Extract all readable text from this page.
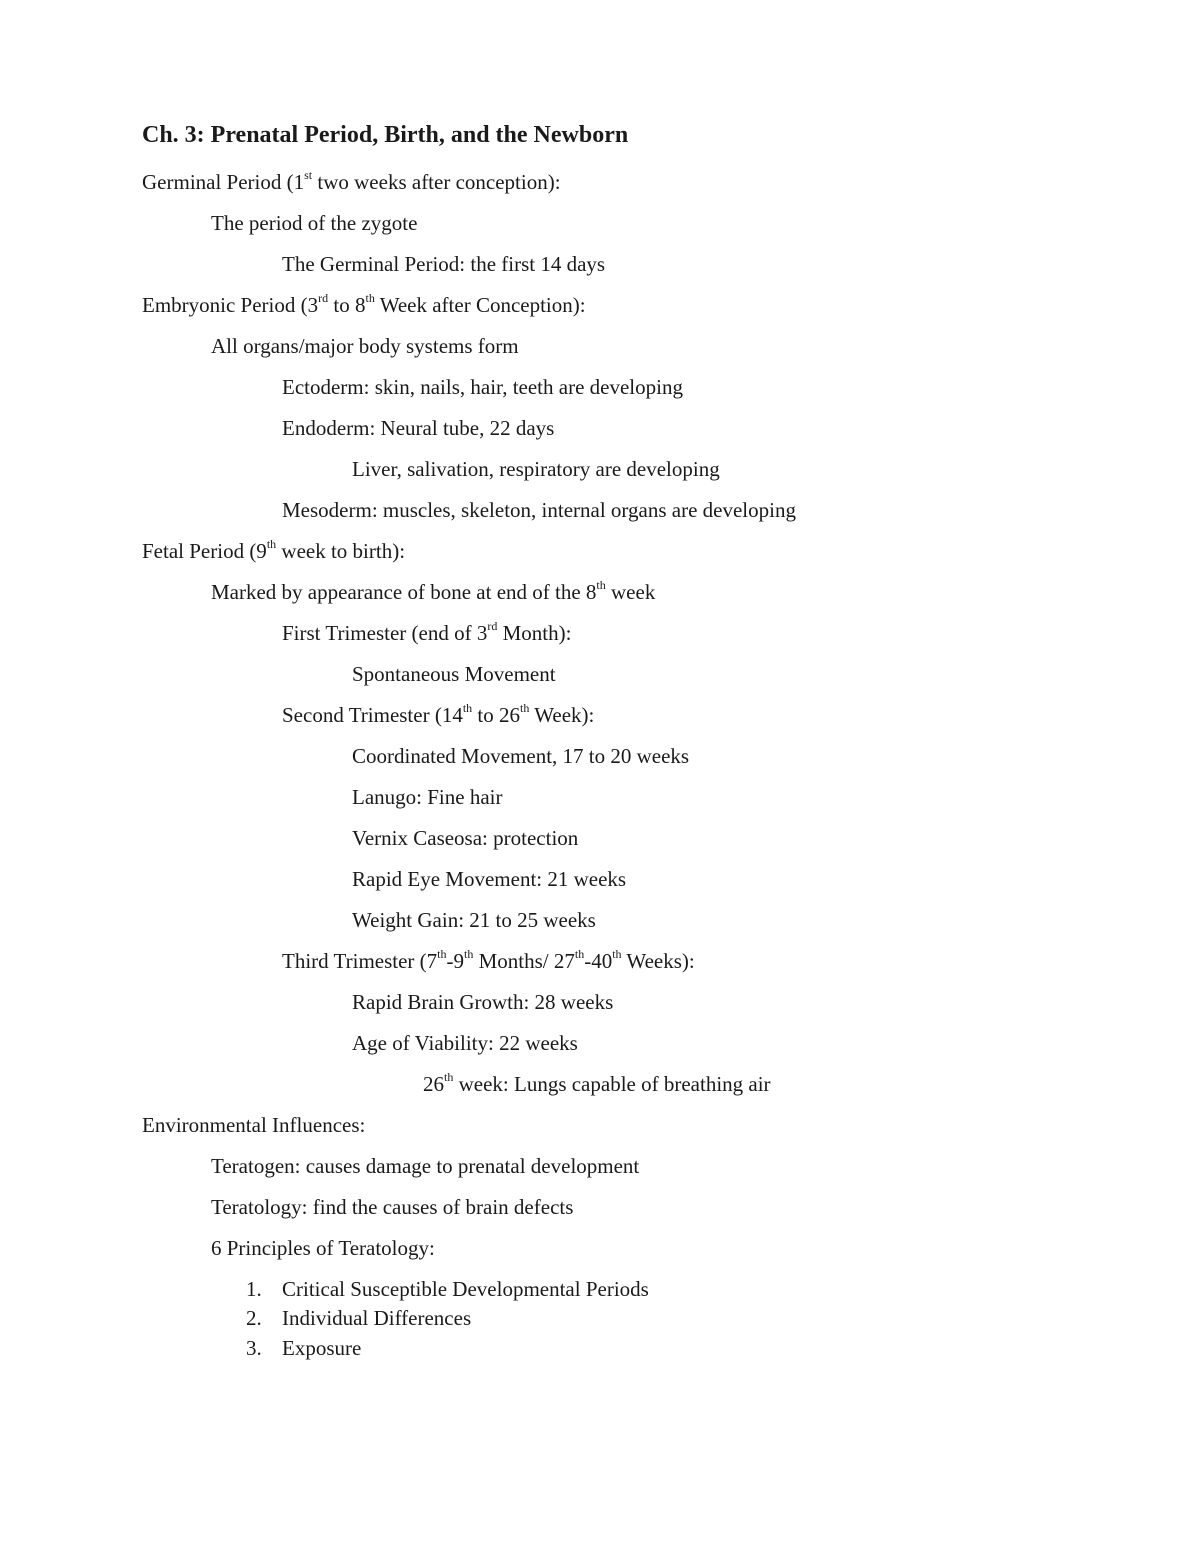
Ch. 3: Prenatal Period, Birth, and the Newborn

Germinal Period (1st two weeks after conception):

The period of the zygote

The Germinal Period: the first 14 days

Embryonic Period (3rd to 8th Week after Conception):

All organs/major body systems form

Ectoderm: skin, nails, hair, teeth are developing

Endoderm: Neural tube, 22 days

Liver, salivation, respiratory are developing

Mesoderm: muscles, skeleton, internal organs are developing

Fetal Period (9th week to birth):

Marked by appearance of bone at end of the 8th week

First Trimester (end of 3rd Month):

Spontaneous Movement

Second Trimester (14th to 26th Week):

Coordinated Movement, 17 to 20 weeks

Lanugo: Fine hair

Vernix Caseosa: protection

Rapid Eye Movement: 21 weeks

Weight Gain: 21 to 25 weeks

Third Trimester (7th-9th Months/ 27th-40th Weeks):

Rapid Brain Growth: 28 weeks

Age of Viability: 22 weeks

26th week: Lungs capable of breathing air

Environmental Influences:

Teratogen: causes damage to prenatal development

Teratology: find the causes of brain defects

6 Principles of Teratology:

1. Critical Susceptible Developmental Periods
2. Individual Differences
3. Exposure
